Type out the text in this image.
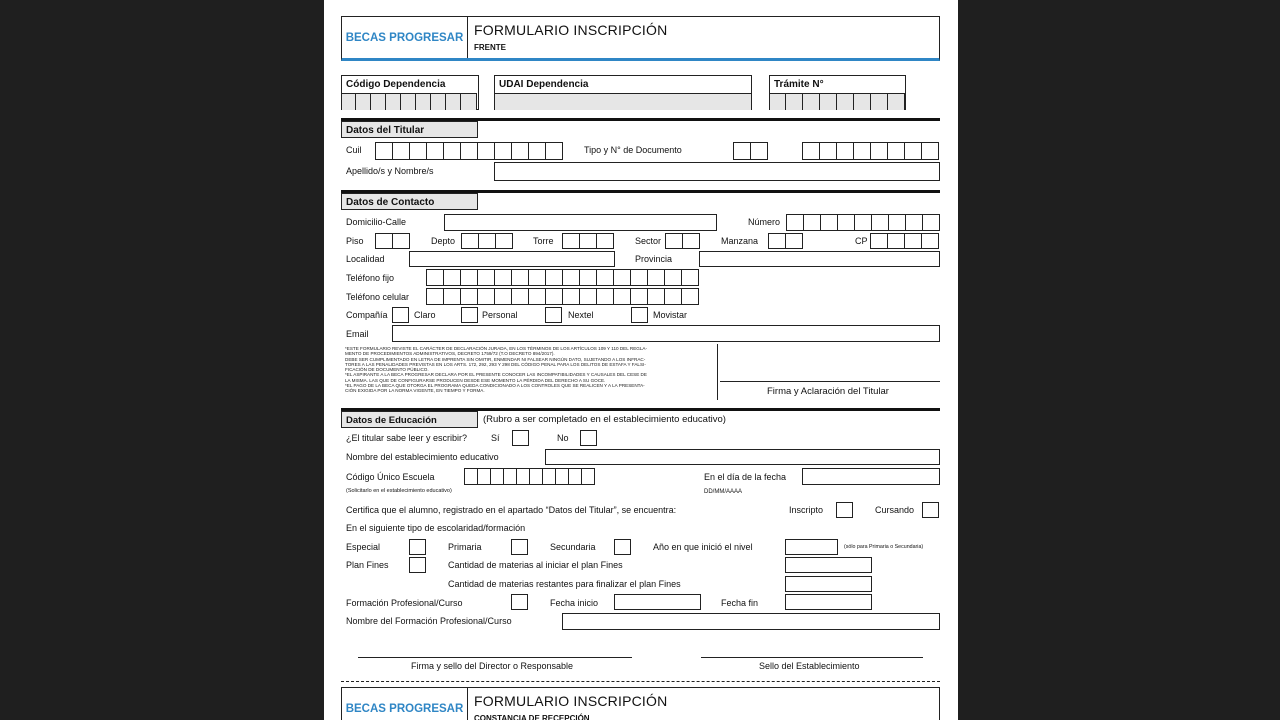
BECAS PROGRESAR FORMULARIO INSCRIPCIÓN
FRENTE
Código Dependencia	UDAI Dependencia	Trámite N°
Datos del Titular
Cuil	Tipo y N° de Documento
Apellido/s y Nombre/s
Datos de Contacto
Domicilio-Calle	Número
Piso	Depto	Torre	Sector	Manzana	CP
Localidad	Provincia
Teléfono fijo
Teléfono celular
Compañía	Claro	Personal	Nextel	Movistar
Email
*ESTE FORMULARIO REVISTE EL CARÁCTER DE DECLARACIÓN JURADA, EN LOS TÉRMINOS DE LOS ARTÍCULOS 109 Y 110 DEL REGLA-
MENTO DE PROCEDIMIENTOS ADMINISTRATIVOS, DECRETO 1759/72 (T.O DECRETO 894/2017).
DEBE SER CUMPLIMENTADO EN LETRA DE IMPRENTA SIN OMITIR, ENMENDAR NI FALSEAR NINGÚN DATO, SUJETANDO A LOS INFRAC-
TORES A LAS PENALIDADES PREVISTAS EN LOS ARTS. 172, 292, 293 Y 298 DEL CÓDIGO PENAL PARA LOS DELITOS DE ESTAFA Y FALSI-
FICACIÓN DE DOCUMENTO PÚBLICO.
*EL ASPIRANTE A LA BECA PROGRESAR DECLARA POR EL PRESENTE CONOCER LAS INCOMPATIBILIDADES Y CAUSALES DEL CESE DE
LA MISMA. LAS QUE DE CONFIGURARSE PRODUCEN DESDE ESE MOMENTO LA PÉRDIDA DEL DERECHO A SU GOCE.
*EL PAGO DE LA BECA QUE OTORGA EL PROGRAMA QUEDA CONDICIONADO A LOS CONTROLES QUE SE REALICEN Y A LA PRESENTA-
CIÓN EXIGIDA POR LA NORMA VIGENTE, EN TIEMPO Y FORMA.	Firma y Aclaración del Titular
Datos de Educación	(Rubro a ser completado en el establecimiento educativo)
¿El titular sabe leer y escribir?	Sí	No
Nombre del establecimiento educativo
Código Único Escuela
(Solicitarlo en el establecimiento educativo)
En el día de la fecha
DD/MM/AAAA
Certifica que el alumno, registrado en el apartado “Datos del Titular”, se encuentra:	Inscripto	Cursando
En el siguiente tipo de escolaridad/formación
Especial	Primaria	Secundaria	Año en que inició el nivel	(sólo para Primaria o Secundaria)
Plan Fines	Cantidad de materias al iniciar el plan Fines
Cantidad de materias restantes para finalizar el plan Fines
Formación Profesional/Curso	Fecha inicio	Fecha fin
Nombre del Formación Profesional/Curso
Firma y sello del Director o Responsable	Sello del Establecimiento
BECAS PROGRESAR FORMULARIO INSCRIPCIÓN
CONSTANCIA DE RECEPCIÓN
